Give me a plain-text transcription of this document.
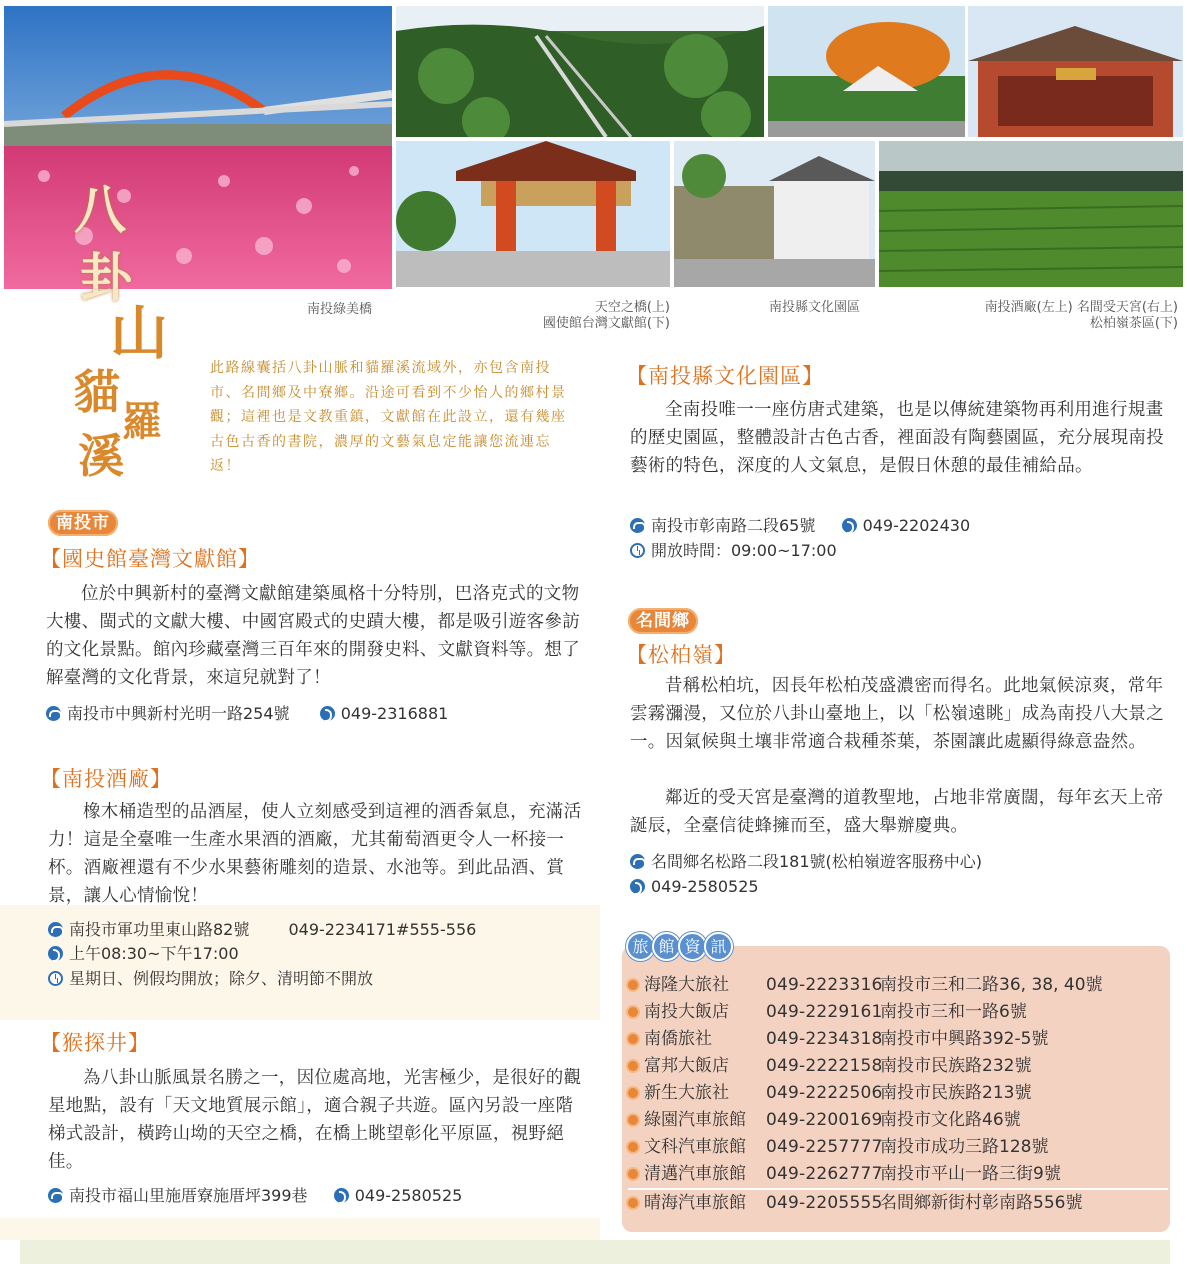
南投綠美橋	天空之橋(上)
國使館台灣文獻館(下)
南投縣文化園區	南投酒廠(左上) 名間受天宮(右上)
松柏嶺茶區(下)
八
卦
山
貓
羅
溪
此路線囊括八卦山脈和貓羅溪流域外，亦包含南投市、名間鄉及中寮鄉。沿途可看到不少怡人的鄉村景觀；這裡也是文教重鎮，文獻館在此設立，還有幾座古色古香的書院，濃厚的文藝氣息定能讓您流連忘返！
南投市
【國史館臺灣文獻館】
位於中興新村的臺灣文獻館建築風格十分特別，巴洛克式的文物大樓、閩式的文獻大樓、中國宮殿式的史蹟大樓，都是吸引遊客參訪的文化景點。館內珍藏臺灣三百年來的開發史料、文獻資料等。想了解臺灣的文化背景，來這兒就對了！
南投市中興新村光明一路254號	049-2316881
【南投酒廠】
橡木桶造型的品酒屋，使人立刻感受到這裡的酒香氣息，充滿活力！這是全臺唯一生產水果酒的酒廠，尤其葡萄酒更令人一杯接一杯。酒廠裡還有不少水果藝術雕刻的造景、水池等。到此品酒、賞景，讓人心情愉悅！
南投市軍功里東山路82號 049-2234171#555-556
上午08:30~下午17:00
星期日、例假均開放；除夕、清明節不開放
【猴探井】
為八卦山脈風景名勝之一，因位處高地，光害極少，是很好的觀星地點，設有「天文地質展示館」，適合親子共遊。區內另設一座階梯式設計，橫跨山坳的天空之橋，在橋上眺望彰化平原區，視野絕佳。
南投市福山里施厝寮施厝坪399巷	049-2580525
【南投縣文化園區】
全南投唯一一座仿唐式建築，也是以傳統建築物再利用進行規畫的歷史園區，整體設計古色古香，裡面設有陶藝園區，充分展現南投藝術的特色，深度的人文氣息，是假日休憩的最佳補給品。
南投市彰南路二段65號	049-2202430
開放時間：09:00~17:00
名間鄉
【松柏嶺】
昔稱松柏坑，因長年松柏茂盛濃密而得名。此地氣候涼爽，常年雲霧瀰漫，又位於八卦山臺地上，以「松嶺遠眺」成為南投八大景之一。因氣候與土壤非常適合栽種茶葉，茶園讓此處顯得綠意盎然。
鄰近的受天宮是臺灣的道教聖地，占地非常廣闊，每年玄天上帝誕辰，全臺信徒蜂擁而至，盛大舉辦慶典。
名間鄉名松路二段181號(松柏嶺遊客服務中心)
049-2580525
旅 館 資 訊
海隆大旅社 049-2223316南投市三和二路36, 38, 40號
南投大飯店 049-2229161南投市三和一路6號
南僑旅社	049-2234318南投市中興路392-5號
富邦大飯店 049-2222158南投市民族路232號
新生大旅社 049-2222506南投市民族路213號
綠園汽車旅館 049-2200169南投市文化路46號
文科汽車旅館 049-2257777南投市成功三路128號
清邁汽車旅館 049-2262777南投市平山一路三街9號
晴海汽車旅館 049-2205555名間鄉新街村彰南路556號
